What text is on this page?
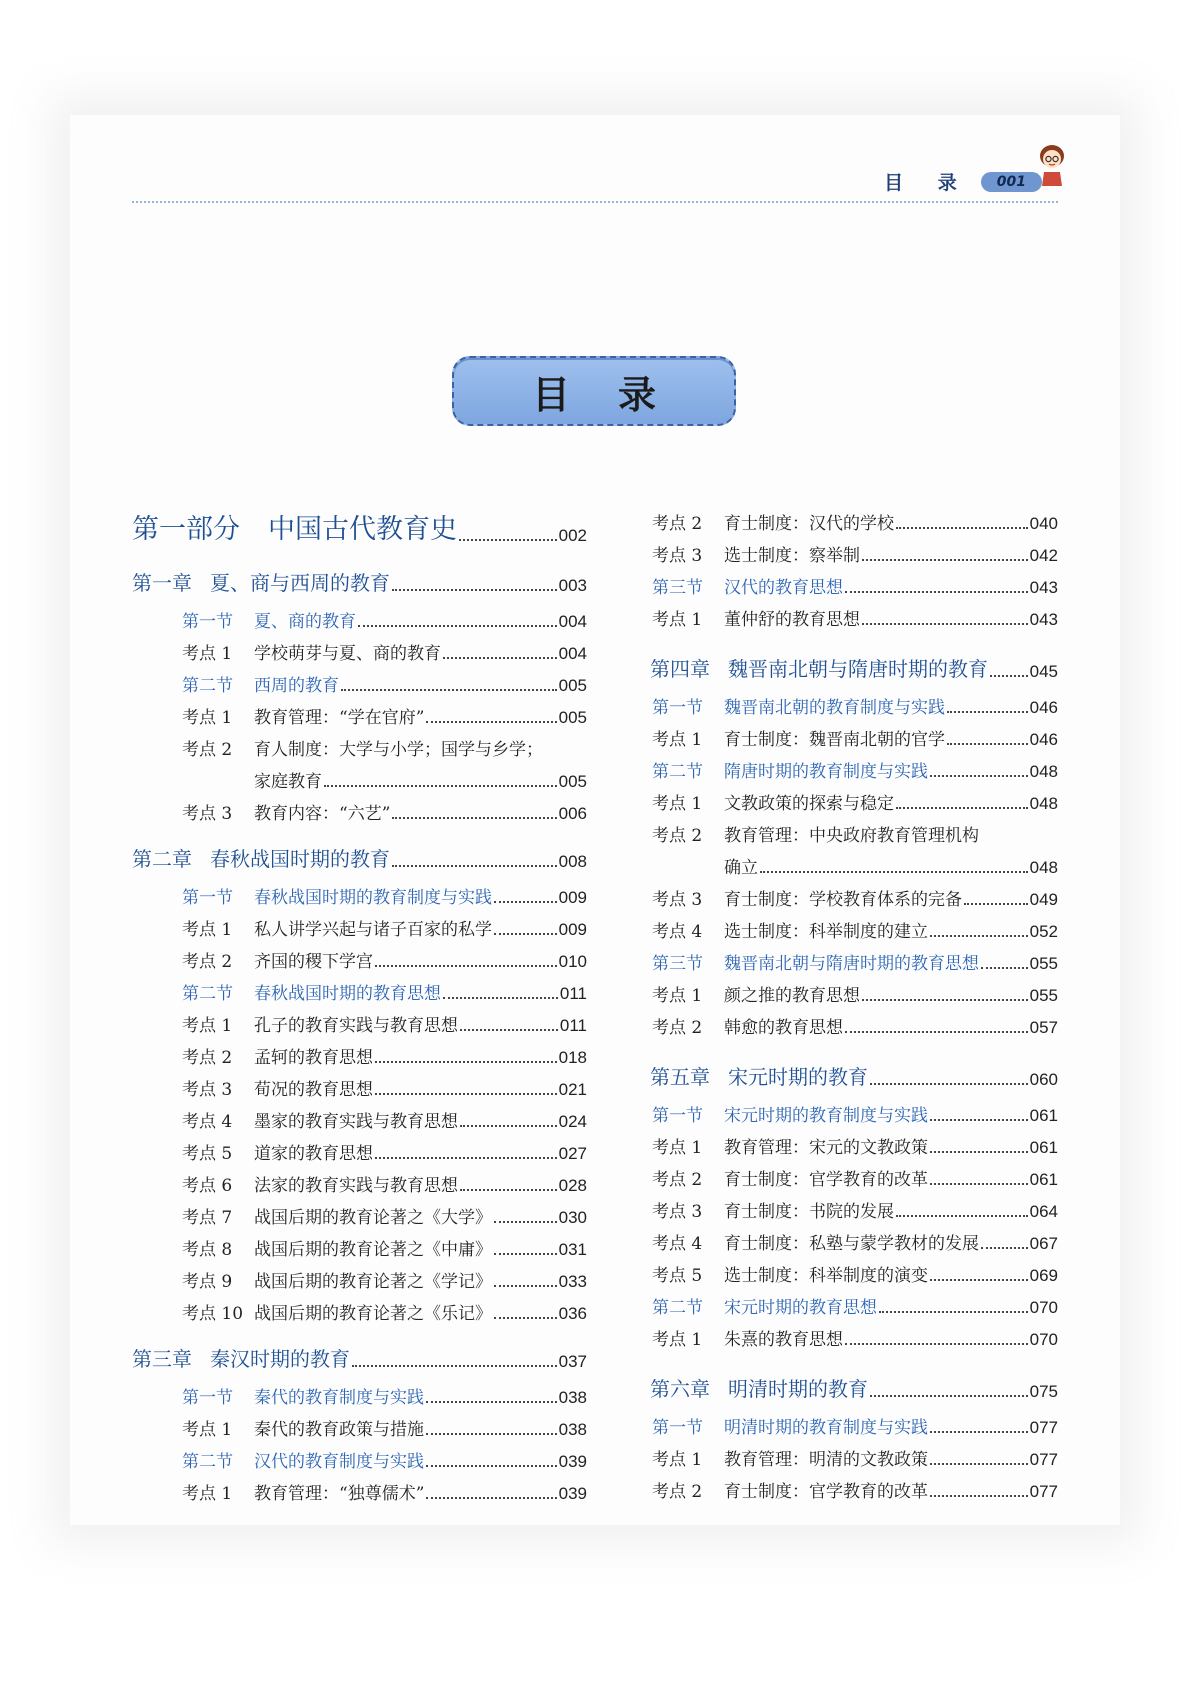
目 录	001
目录
第一部分 中国古代教育史	002
第一章 夏、商与西周的教育	003
第一节	夏、商的教育	004
考点 1	学校萌芽与夏、商的教育	004
第二节	西周的教育	005
考点 1	教育管理：“学在官府”	005
考点 2	育人制度：大学与小学；国学与乡学；
家庭教育	005
考点 3	教育内容：“六艺”	006
第二章 春秋战国时期的教育	008
第一节	春秋战国时期的教育制度与实践	009
考点 1	私人讲学兴起与诸子百家的私学	009
考点 2	齐国的稷下学宫	010
第二节	春秋战国时期的教育思想	011
考点 1	孔子的教育实践与教育思想	011
考点 2	孟轲的教育思想	018
考点 3	荀况的教育思想	021
考点 4	墨家的教育实践与教育思想	024
考点 5	道家的教育思想	027
考点 6	法家的教育实践与教育思想	028
考点 7	战国后期的教育论著之《大学》	030
考点 8	战国后期的教育论著之《中庸》	031
考点 9	战国后期的教育论著之《学记》	033
考点 10 战国后期的教育论著之《乐记》	036
第三章 秦汉时期的教育	037
第一节	秦代的教育制度与实践	038
考点 1	秦代的教育政策与措施	038
第二节	汉代的教育制度与实践	039
考点 1	教育管理：“独尊儒术”	039
考点 2	育士制度：汉代的学校	040
考点 3	选士制度：察举制	042
第三节	汉代的教育思想	043
考点 1	董仲舒的教育思想	043
第四章 魏晋南北朝与隋唐时期的教育 045
第一节	魏晋南北朝的教育制度与实践	046
考点 1	育士制度：魏晋南北朝的官学	046
第二节	隋唐时期的教育制度与实践	048
考点 1	文教政策的探索与稳定	048
考点 2	教育管理：中央政府教育管理机构
确立	048
考点 3	育士制度：学校教育体系的完备	049
考点 4	选士制度：科举制度的建立	052
第三节	魏晋南北朝与隋唐时期的教育思想	055
考点 1	颜之推的教育思想	055
考点 2	韩愈的教育思想	057
第五章 宋元时期的教育	060
第一节	宋元时期的教育制度与实践	061
考点 1	教育管理：宋元的文教政策	061
考点 2	育士制度：官学教育的改革	061
考点 3	育士制度：书院的发展	064
考点 4	育士制度：私塾与蒙学教材的发展	067
考点 5	选士制度：科举制度的演变	069
第二节	宋元时期的教育思想	070
考点 1	朱熹的教育思想	070
第六章 明清时期的教育	075
第一节	明清时期的教育制度与实践	077
考点 1	教育管理：明清的文教政策	077
考点 2	育士制度：官学教育的改革	077
